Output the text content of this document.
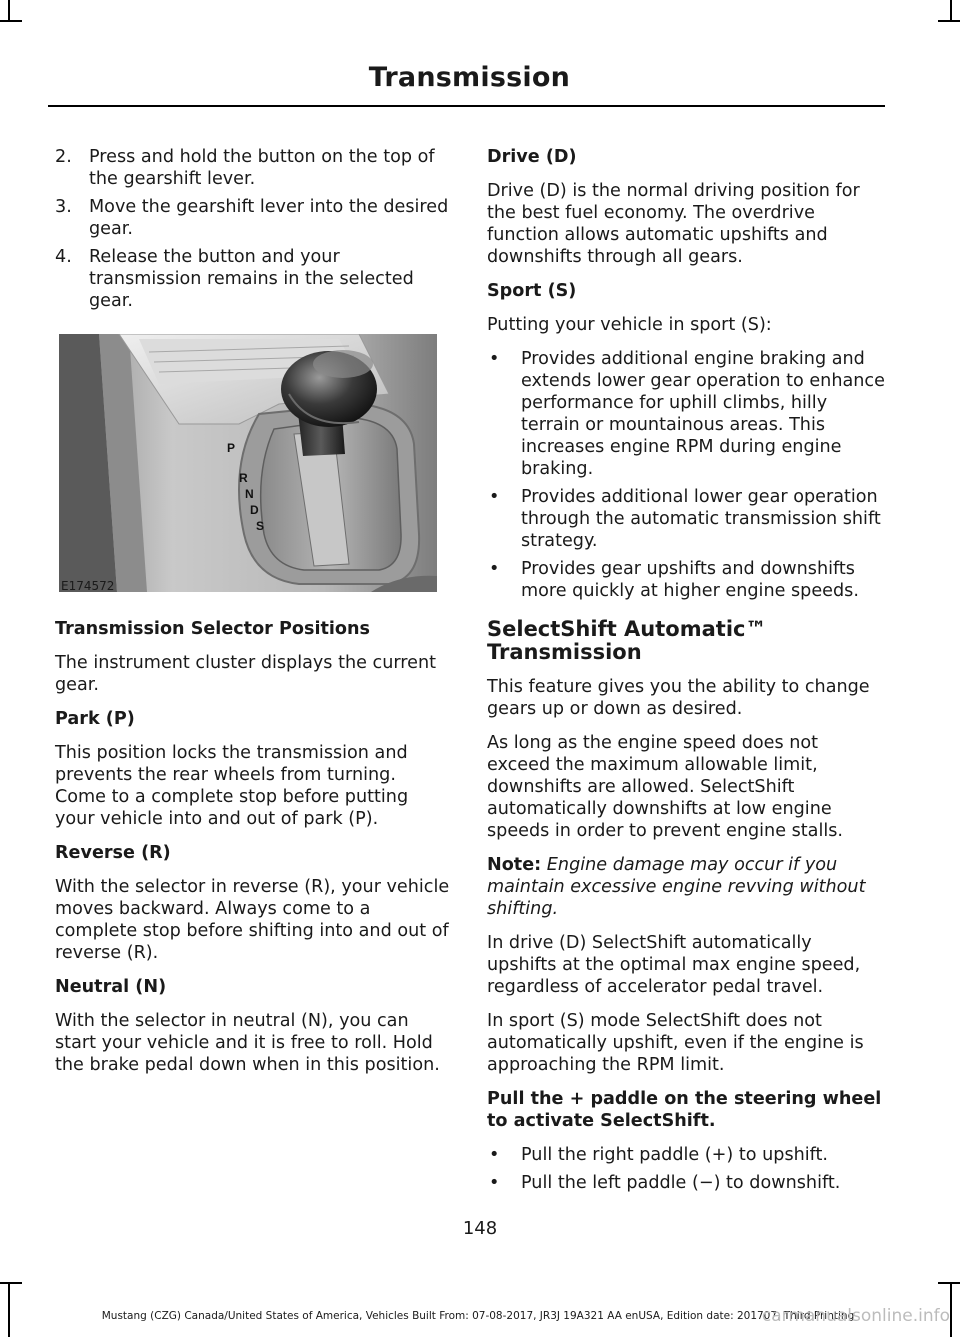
Transmission
2. Press and hold the button on the top of the gearshift lever.
3. Move the gearshift lever into the desired gear.
4. Release the button and your transmission remains in the selected gear.
P
R
N
D
S
E174572
Transmission Selector Positions

The instrument cluster displays the current gear.

Park (P)

This position locks the transmission and prevents the rear wheels from turning. Come to a complete stop before putting your vehicle into and out of park (P).

Reverse (R)

With the selector in reverse (R), your vehicle moves backward. Always come to a complete stop before shifting into and out of reverse (R).

Neutral (N)

With the selector in neutral (N), you can start your vehicle and it is free to roll. Hold the brake pedal down when in this position.

Drive (D)

Drive (D) is the normal driving position for the best fuel economy. The overdrive function allows automatic upshifts and downshifts through all gears.

Sport (S)

Putting your vehicle in sport (S):

• Provides additional engine braking and extends lower gear operation to enhance performance for uphill climbs, hilly terrain or mountainous areas. This increases engine RPM during engine braking.
• Provides additional lower gear operation through the automatic transmission shift strategy.
• Provides gear upshifts and downshifts more quickly at higher engine speeds.
SelectShift Automatic™ Transmission

This feature gives you the ability to change gears up or down as desired.

As long as the engine speed does not exceed the maximum allowable limit, downshifts are allowed. SelectShift automatically downshifts at low engine speeds in order to prevent engine stalls.

Note: Engine damage may occur if you maintain excessive engine revving without shifting.

In drive (D) SelectShift automatically upshifts at the optimal max engine speed, regardless of accelerator pedal travel.

In sport (S) mode SelectShift does not automatically upshift, even if the engine is approaching the RPM limit.

Pull the + paddle on the steering wheel to activate SelectShift.
• Pull the right paddle (+) to upshift.
• Pull the left paddle (−) to downshift.
148
Mustang (CZG) Canada/United States of America, Vehicles Built From: 07-08-2017, JR3J 19A321 AA enUSA, Edition date: 201707, Third Printing
carmanualsonline.info
